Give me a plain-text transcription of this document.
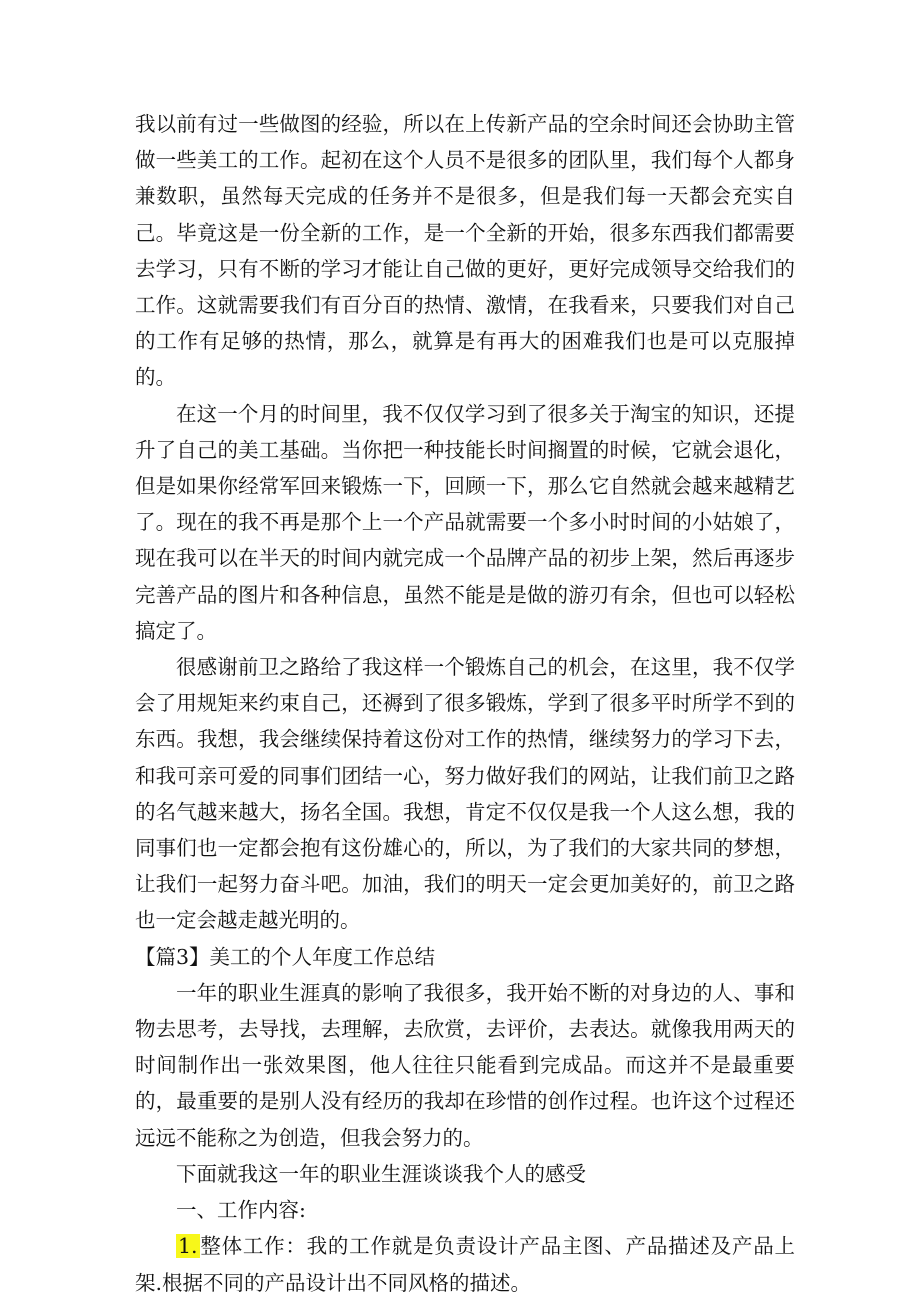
我以前有过一些做图的经验，所以在上传新产品的空余时间还会协助主管做一些美工的工作。起初在这个人员不是很多的团队里，我们每个人都身兼数职，虽然每天完成的任务并不是很多，但是我们每一天都会充实自己。毕竟这是一份全新的工作，是一个全新的开始，很多东西我们都需要去学习，只有不断的学习才能让自己做的更好，更好完成领导交给我们的工作。这就需要我们有百分百的热情、激情，在我看来，只要我们对自己的工作有足够的热情，那么，就算是有再大的困难我们也是可以克服掉的。

在这一个月的时间里，我不仅仅学习到了很多关于淘宝的知识，还提升了自己的美工基础。当你把一种技能长时间搁置的时候，它就会退化，但是如果你经常军回来锻炼一下，回顾一下，那么它自然就会越来越精艺了。现在的我不再是那个上一个产品就需要一个多小时时间的小姑娘了，现在我可以在半天的时间内就完成一个品牌产品的初步上架，然后再逐步完善产品的图片和各种信息，虽然不能是是做的游刃有余，但也可以轻松搞定了。

很感谢前卫之路给了我这样一个锻炼自己的机会，在这里，我不仅学会了用规矩来约束自己，还褥到了很多锻炼，学到了很多平时所学不到的东西。我想，我会继续保持着这份对工作的热情，继续努力的学习下去，和我可亲可爱的同事们团结一心，努力做好我们的网站，让我们前卫之路的名气越来越大，扬名全国。我想，肯定不仅仅是我一个人这么想，我的同事们也一定都会抱有这份雄心的，所以，为了我们的大家共同的梦想，让我们一起努力奋斗吧。加油，我们的明天一定会更加美好的，前卫之路也一定会越走越光明的。

【篇3】美工的个人年度工作总结

一年的职业生涯真的影响了我很多，我开始不断的对身边的人、事和物去思考，去导找，去理解，去欣赏，去评价，去表达。就像我用两天的时间制作出一张效果图，他人往往只能看到完成品。而这并不是最重要的，最重要的是别人没有经历的我却在珍惜的创作过程。也许这个过程还远远不能称之为创造，但我会努力的。

下面就我这一年的职业生涯谈谈我个人的感受

一、工作内容:

1.整体工作：我的工作就是负责设计产品主图、产品描述及产品上架.根据不同的产品设计出不同风格的描述。
